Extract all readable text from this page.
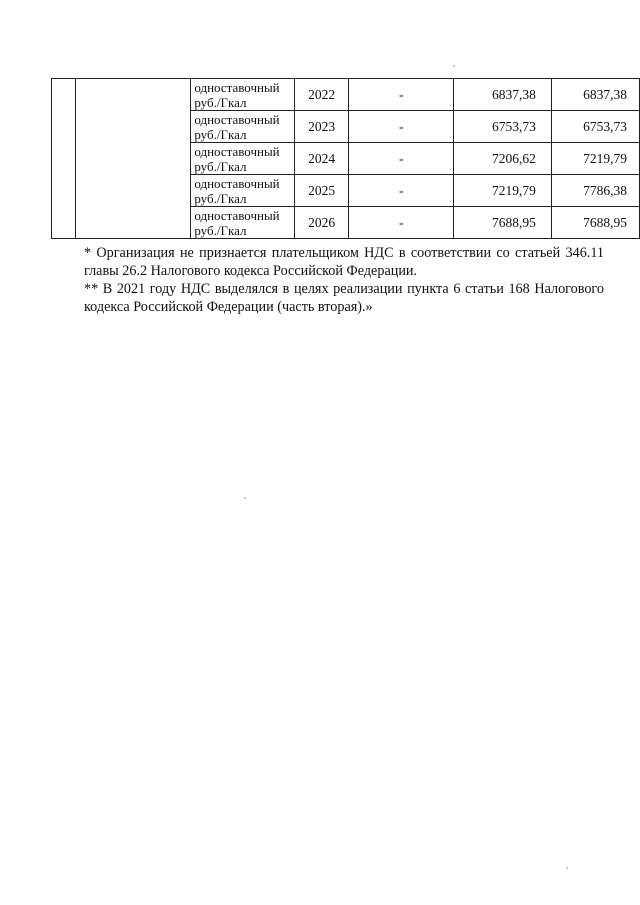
		одноставочный
руб./Гкал	2022	-	6837,38	6837,38

		одноставочный
руб./Гкал	2023	-	6753,73	6753,73

		одноставочный
руб./Гкал	2024	-	7206,62	7219,79

		одноставочный
руб./Гкал	2025	-	7219,79	7786,38

		одноставочный
руб./Гкал	2026	-	7688,95	7688,95

* Организация не признается плательщиком НДС в соответствии со статьей 346.11 главы 26.2 Налогового кодекса Российской Федерации.

** В 2021 году НДС выделялся в целях реализации пункта 6 статьи 168 Налогового кодекса Российской Федерации (часть вторая).»
